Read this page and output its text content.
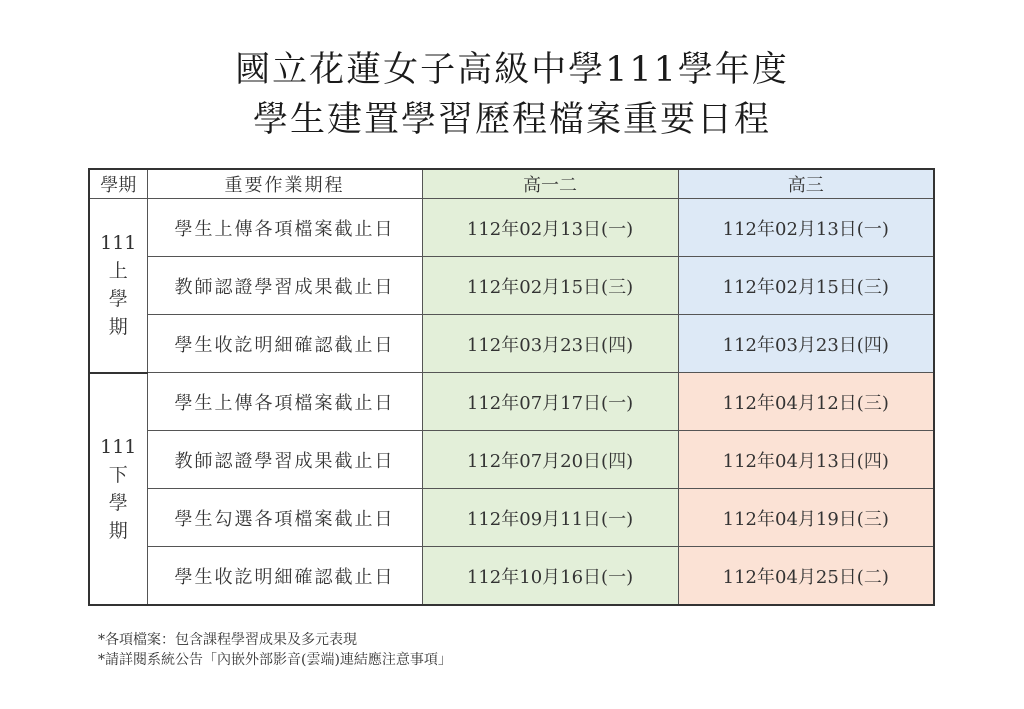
國立花蓮女子高級中學111學年度
學生建置學習歷程檔案重要日程
學期	重要作業期程	高一二	高三

111
上
學
期	學生上傳各項檔案截止日	112年02月13日(一)	112年02月13日(一)
	教師認證學習成果截止日	112年02月15日(三)	112年02月15日(三)
	學生收訖明細確認截止日	112年03月23日(四)	112年03月23日(四)

111
下
學
期	學生上傳各項檔案截止日	112年07月17日(一)	112年04月12日(三)
	教師認證學習成果截止日	112年07月20日(四)	112年04月13日(四)
	學生勾選各項檔案截止日	112年09月11日(一)	112年04月19日(三)
	學生收訖明細確認截止日	112年10月16日(一)	112年04月25日(二)
*各項檔案：包含課程學習成果及多元表現
*請詳閱系統公告「內嵌外部影音(雲端)連結應注意事項」
